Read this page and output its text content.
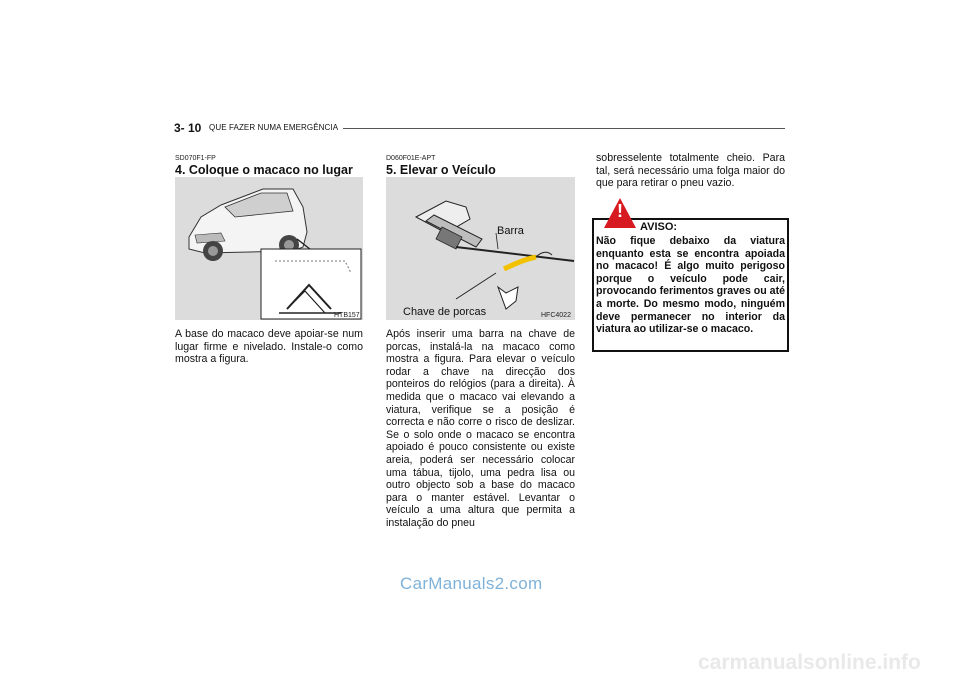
3- 10 QUE FAZER NUMA EMERGÊNCIA
SD070F1-FP
4. Coloque o macaco no lugar
HTB157
A base do macaco deve apoiar-se num lugar firme e nivelado. Instale-o como mostra a figura.
D060F01E-APT
5. Elevar o Veículo
Barra
Chave de porcas	HFC4022
Após inserir uma barra na chave de porcas, instalá-la na macaco como mostra a figura. Para elevar o veículo rodar a chave na direcção dos ponteiros do relógios (para a direita). À medida que o macaco vai elevando a viatura, verifique se a posição é correcta e não corre o risco de deslizar. Se o solo onde o macaco se encontra apoiado é pouco consistente ou existe areia, poderá ser necessário colocar uma tábua, tijolo, uma pedra lisa ou outro objecto sob a base do macaco para o manter estável. Levantar o veículo a uma altura que permita a instalação do pneu
sobresselente totalmente cheio. Para tal, será necessário uma folga maior do que para retirar o pneu vazio.
!
AVISO:
Não fique debaixo da viatura enquanto esta se encontra apoiada no macaco! É algo muito perigoso porque o veículo pode cair, provocando ferimentos graves ou até a morte. Do mesmo modo, ninguém deve permanecer no interior da viatura ao utilizar-se o macaco.
CarManuals2.com
carmanualsonline.info
